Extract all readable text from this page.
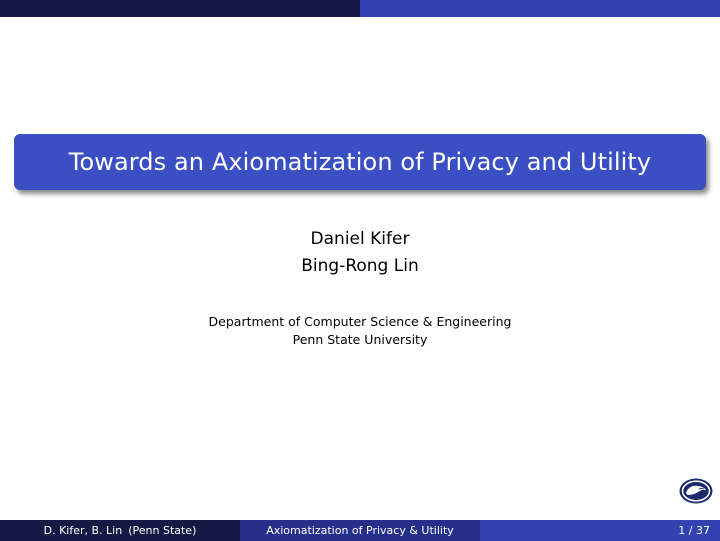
Towards an Axiomatization of Privacy and Utility
Daniel Kifer
Bing-Rong Lin
Department of Computer Science & Engineering
Penn State University
D. Kifer, B. Lin (Penn State)	Axiomatization of Privacy & Utility	1
/
37
